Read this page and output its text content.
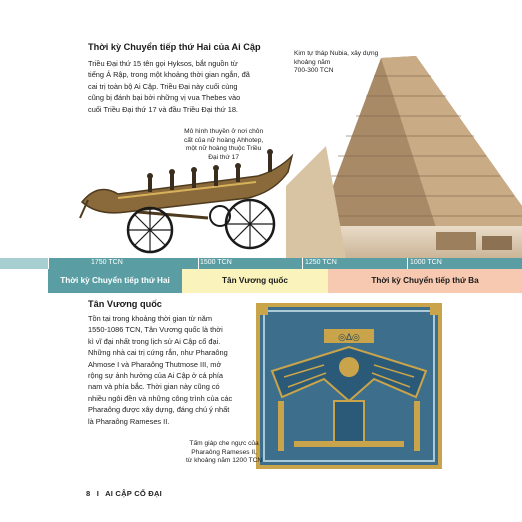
Thời kỳ Chuyển tiếp thứ Hai của Ai Cập
Triều Đại thứ 15 tên gọi Hyksos, bắt nguồn từ
tiếng Ả Rập, trong một khoảng thời gian ngắn, đã
cai trị toàn bộ Ai Cập. Triều Đại này cuối cùng
cũng bị đánh bại bởi những vị vua Thebes vào
cuối Triều Đại thứ 17 và đầu Triều Đại thứ 18.
Kim tự tháp Nubia, xây dựng
khoảng năm
700-300 TCN
Mô hình thuyền ở nơi chôn
cất của nữ hoàng Ahhotep,
một nữ hoàng thuộc Triều
Đại thứ 17
1750 TCN	1500 TCN	1250 TCN	1000 TCN
Thời kỳ Chuyển tiếp thứ Hai	Tân Vương quốc	Thời kỳ Chuyển tiếp thứ Ba
Tân Vương quốc
Tồn tại trong khoảng thời gian từ năm
1550-1086 TCN, Tân Vương quốc là thời
kì vĩ đại nhất trong lịch sử Ai Cập cổ đại.
Những nhà cai trị cứng rắn, như Pharaông
Ahmose I và Pharaông Thutmose III, mở
rộng sự ảnh hưởng của Ai Cập ở cả phía
nam và phía bắc. Thời gian này cũng có
nhiều ngôi đền và những công trình của các
Pharaông được xây dựng, đáng chú ý nhất
là Pharaông Rameses II.
◎∆◎
Tấm giáp che ngực của
Pharaông Rameses II,
từ khoảng năm 1200 TCN
8 I AI CẬP CỔ ĐẠI
